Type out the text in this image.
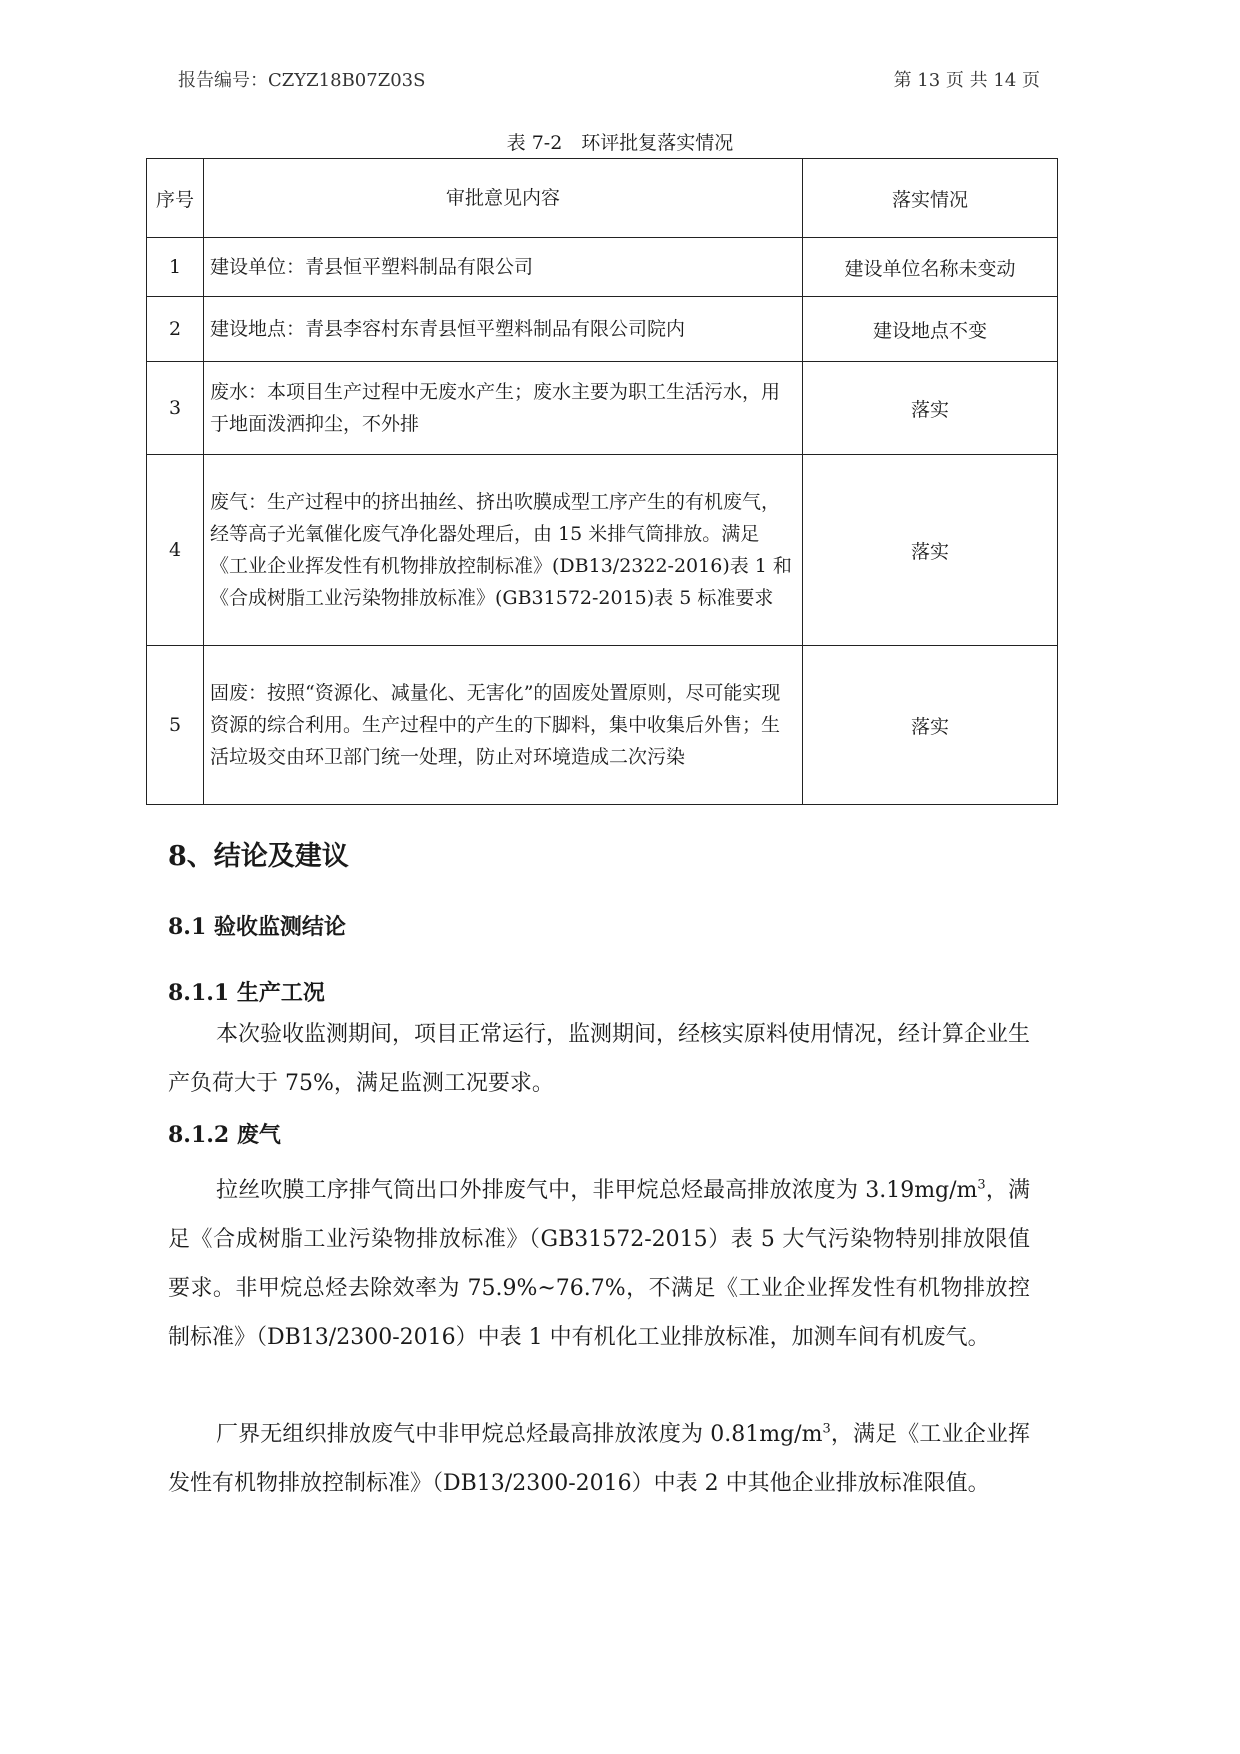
报告编号：CZYZ18B07Z03S	第 13 页 共 14 页
表 7-2　环评批复落实情况
序号	审批意见内容	落实情况
1	建设单位：青县恒平塑料制品有限公司	建设单位名称未变动
2	建设地点：青县李容村东青县恒平塑料制品有限公司院内	建设地点不变
3	废水：本项目生产过程中无废水产生；废水主要为职工生活污水，用于地面泼洒抑尘，不外排	落实
4	废气：生产过程中的挤出抽丝、挤出吹膜成型工序产生的有机废气，经等高子光氧催化废气净化器处理后，由 15 米排气筒排放。满足《工业企业挥发性有机物排放控制标准》(DB13/2322-2016)表 1 和《合成树脂工业污染物排放标准》(GB31572-2015)表 5 标准要求	落实
5	固废：按照“资源化、减量化、无害化”的固废处置原则，尽可能实现资源的综合利用。生产过程中的产生的下脚料，集中收集后外售；生活垃圾交由环卫部门统一处理，防止对环境造成二次污染	落实
8、结论及建议
8.1 验收监测结论
8.1.1 生产工况

本次验收监测期间，项目正常运行，监测期间，经核实原料使用情况，经计算企业生产负荷大于 75%，满足监测工况要求。

8.1.2 废气

拉丝吹膜工序排气筒出口外排废气中，非甲烷总烃最高排放浓度为 $3.19mg/m^3$，满足《合成树脂工业污染物排放标准》（GB31572-2015）表 5 大气污染物特别排放限值要求。非甲烷总烃去除效率为 75.9%~76.7%，不满足《工业企业挥发性有机物排放控制标准》（DB13/2300-2016）中表 1 中有机化工业排放标准，加测车间有机废气。

厂界无组织排放废气中非甲烷总烃最高排放浓度为 $0.81mg/m^3$，满足《工业企业挥发性有机物排放控制标准》（DB13/2300-2016）中表 2 中其他企业排放标准限值。
